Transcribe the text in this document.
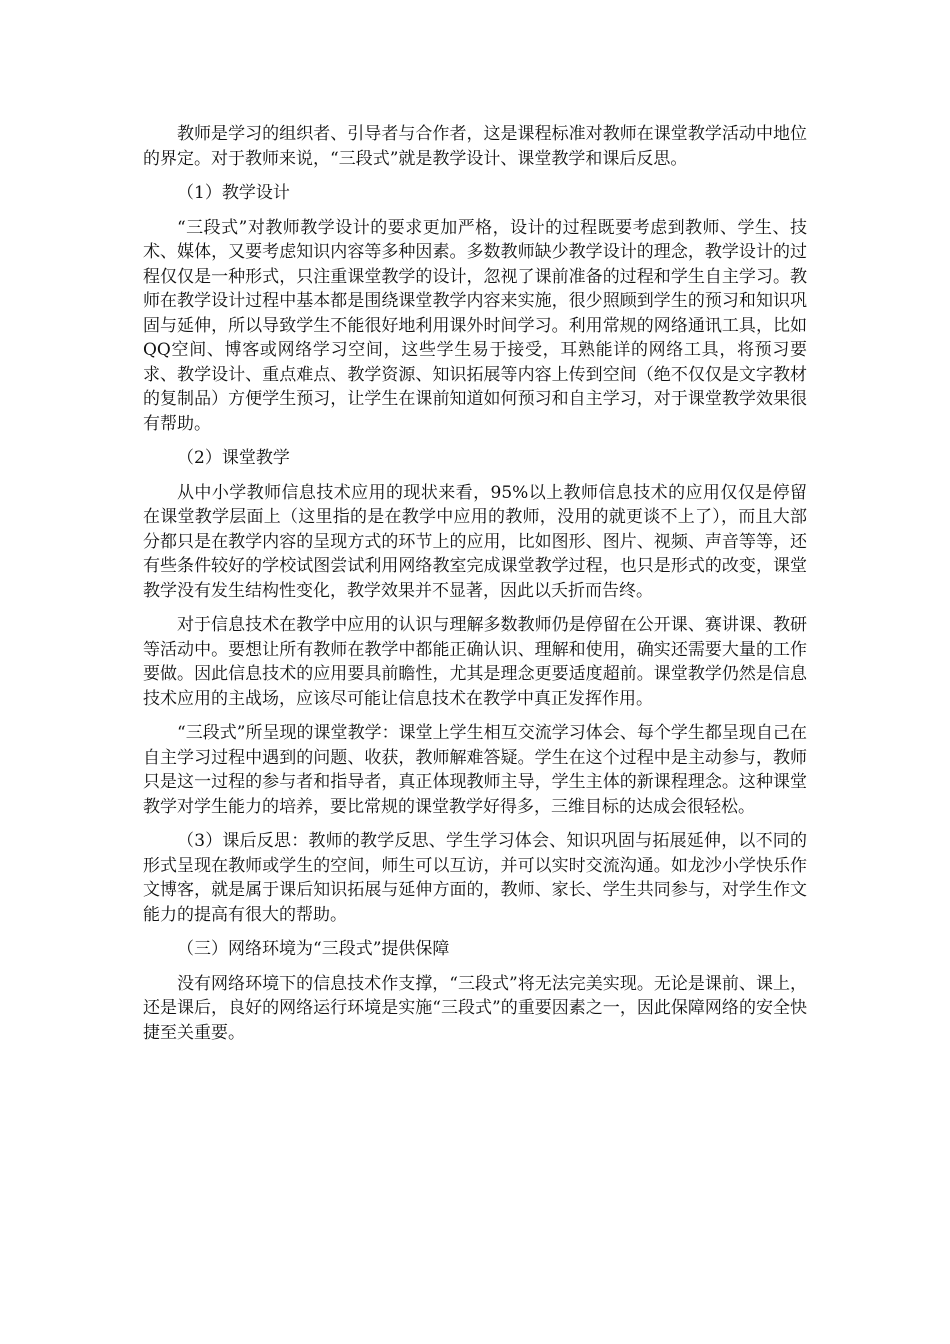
教师是学习的组织者、引导者与合作者，这是课程标准对教师在课堂教学活动中地位的界定。对于教师来说，“三段式”就是教学设计、课堂教学和课后反思。

（1）教学设计

“三段式”对教师教学设计的要求更加严格，设计的过程既要考虑到教师、学生、技术、媒体，又要考虑知识内容等多种因素。多数教师缺少教学设计的理念，教学设计的过程仅仅是一种形式，只注重课堂教学的设计，忽视了课前准备的过程和学生自主学习。教师在教学设计过程中基本都是围绕课堂教学内容来实施，很少照顾到学生的预习和知识巩固与延伸，所以导致学生不能很好地利用课外时间学习。利用常规的网络通讯工具，比如QQ空间、博客或网络学习空间，这些学生易于接受，耳熟能详的网络工具，将预习要求、教学设计、重点难点、教学资源、知识拓展等内容上传到空间（绝不仅仅是文字教材的复制品）方便学生预习，让学生在课前知道如何预习和自主学习，对于课堂教学效果很有帮助。

（2）课堂教学

从中小学教师信息技术应用的现状来看，95%以上教师信息技术的应用仅仅是停留在课堂教学层面上（这里指的是在教学中应用的教师，没用的就更谈不上了），而且大部分都只是在教学内容的呈现方式的环节上的应用，比如图形、图片、视频、声音等等，还有些条件较好的学校试图尝试利用网络教室完成课堂教学过程，也只是形式的改变，课堂教学没有发生结构性变化，教学效果并不显著，因此以夭折而告终。

对于信息技术在教学中应用的认识与理解多数教师仍是停留在公开课、赛讲课、教研等活动中。要想让所有教师在教学中都能正确认识、理解和使用，确实还需要大量的工作要做。因此信息技术的应用要具前瞻性，尤其是理念更要适度超前。课堂教学仍然是信息技术应用的主战场，应该尽可能让信息技术在教学中真正发挥作用。

“三段式”所呈现的课堂教学：课堂上学生相互交流学习体会、每个学生都呈现自己在自主学习过程中遇到的问题、收获，教师解难答疑。学生在这个过程中是主动参与，教师只是这一过程的参与者和指导者，真正体现教师主导，学生主体的新课程理念。这种课堂教学对学生能力的培养，要比常规的课堂教学好得多，三维目标的达成会很轻松。

（3）课后反思：教师的教学反思、学生学习体会、知识巩固与拓展延伸，以不同的形式呈现在教师或学生的空间，师生可以互访，并可以实时交流沟通。如龙沙小学快乐作文博客，就是属于课后知识拓展与延伸方面的，教师、家长、学生共同参与，对学生作文能力的提高有很大的帮助。

（三）网络环境为“三段式”提供保障

没有网络环境下的信息技术作支撑，“三段式”将无法完美实现。无论是课前、课上，还是课后，良好的网络运行环境是实施“三段式”的重要因素之一，因此保障网络的安全快捷至关重要。
